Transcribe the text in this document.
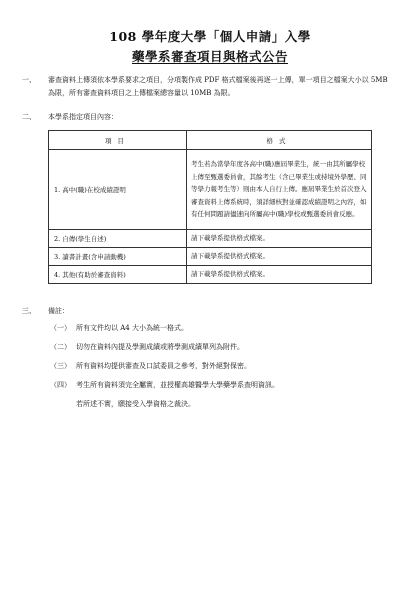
108 學年度大學「個人申請」入學
藥學系審查項目與格式公告
一、 審查資料上傳須依本學系要求之項目，分項製作成 PDF 格式檔案後再逐一上傳，單一項目之檔案大小以 5MB 為限，所有審查資料項目之上傳檔案總容量以 10MB 為限。
二、 本學系指定項目內容：
項目	格式
1. 高中(職)在校成績證明	考生若為當學年度各高中(職)應屆畢業生，統一由其所屬學校上傳至甄選委員會，其餘考生（含已畢業生或持境外學歷、同等學力報考生等）則由本人自行上傳。應屆畢業生於首次登入審查資料上傳系統時，須詳細核對並確認成績證明之內容，如有任何問題請儘速向所屬高中(職)學校或甄選委員會反應。
2. 自傳(學生自述)	請下載學系提供格式檔案。
3. 讀書計畫(含申請動機)	請下載學系提供格式檔案。
4. 其他(有助於審查資料)	請下載學系提供格式檔案。
三、 備註：
（一） 所有文件均以 A4 大小為統一格式。
（二） 切勿在資料內提及學測成績或將學測成績單列為附件。
（三） 所有資料均提供審查及口試委員之參考，對外絕對保密。
（四） 考生所有資料須完全屬實，並授權高雄醫學大學藥學系查明資訊。
若所述不實，願接受入學資格之裁決。
